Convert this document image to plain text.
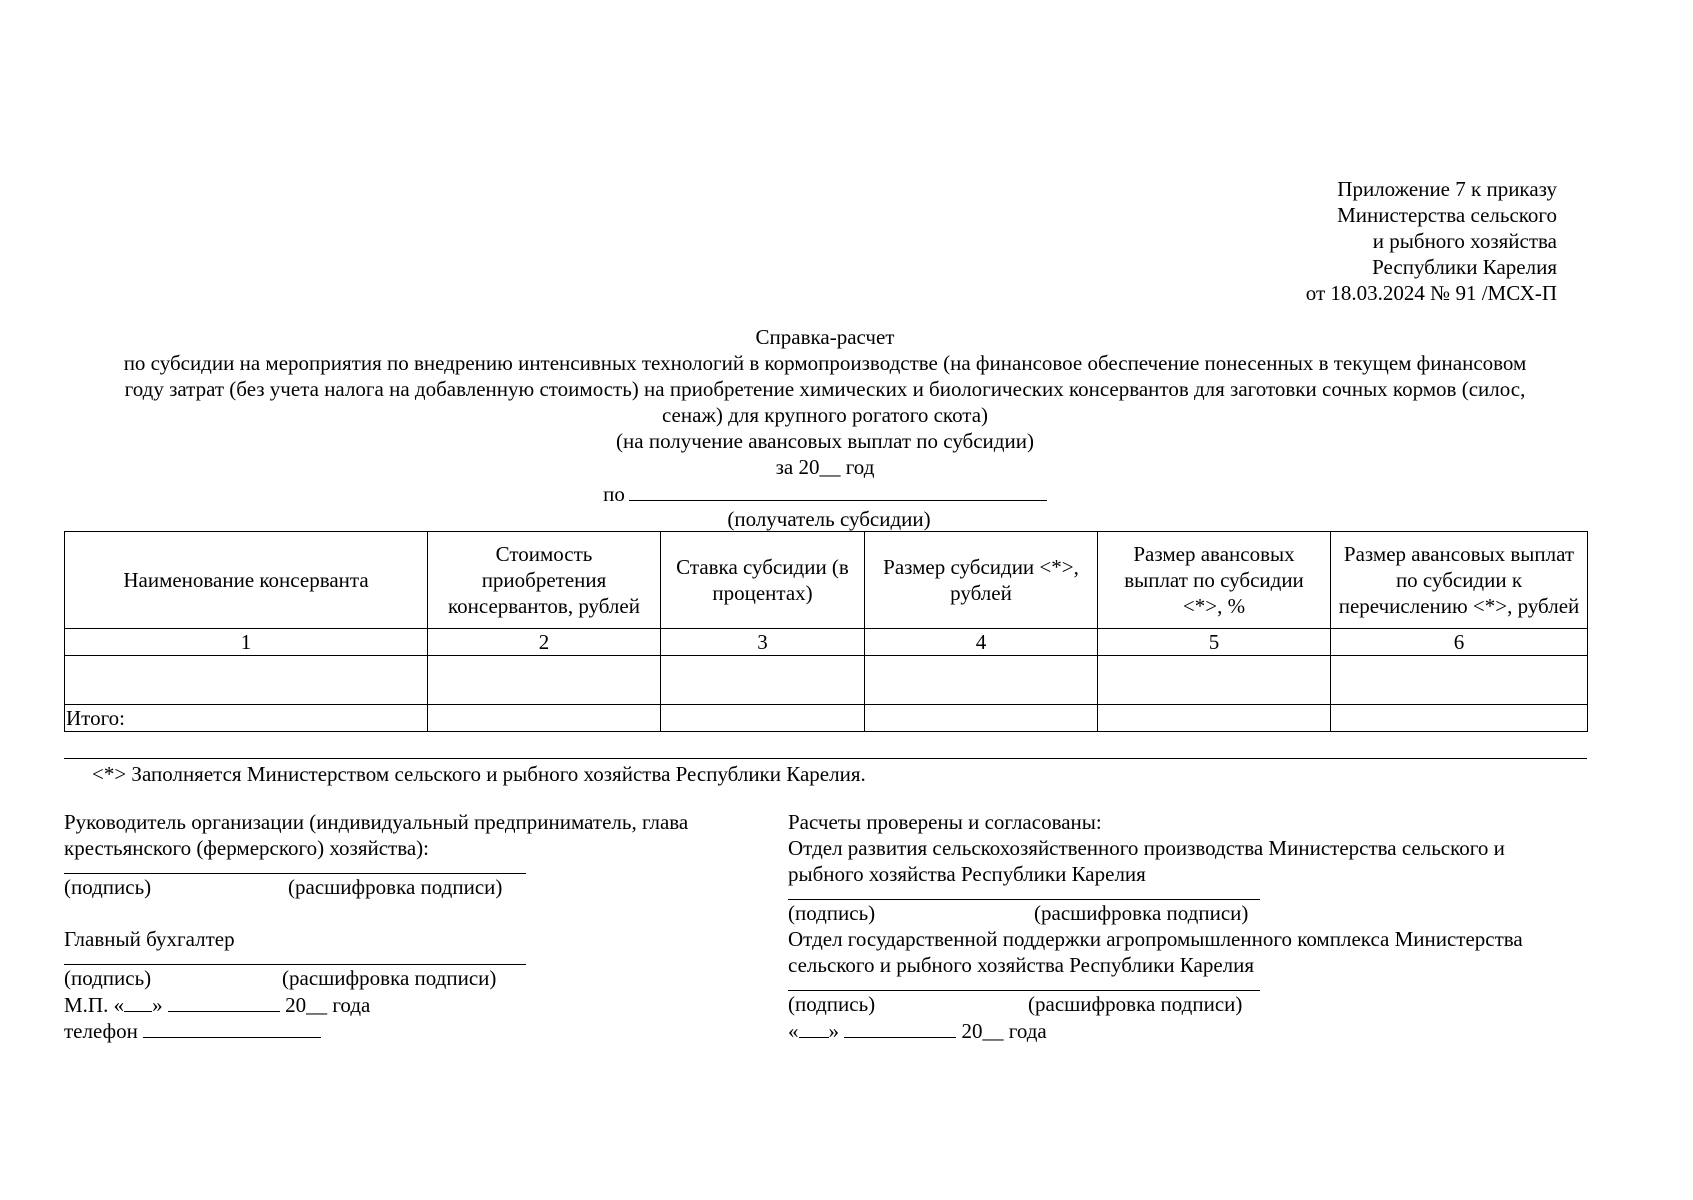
Приложение 7 к приказу
Министерства сельского
и рыбного хозяйства
Республики Карелия
от 18.03.2024 № 91 /МСХ-П
Справка-расчет
по субсидии на мероприятия по внедрению интенсивных технологий в кормопроизводстве (на финансовое обеспечение понесенных в текущем финансовом
году затрат (без учета налога на добавленную стоимость) на приобретение химических и биологических консервантов для заготовки сочных кормов (силос,
сенаж) для крупного рогатого скота)
(на получение авансовых выплат по субсидии)
за 20__ год
по
(получатель субсидии)
Наименование консерванта	Стоимость приобретения консервантов, рублей	Ставка субсидии (в процентах)	Размер субсидии <*>, рублей	Размер авансовых выплат по субсидии <*>, %	Размер авансовых выплат по субсидии к перечислению <*>, рублей
1	2	3	4	5	6

Итого:					
<*> Заполняется Министерством сельского и рыбного хозяйства Республики Карелия.
Руководитель организации (индивидуальный предприниматель, глава
крестьянского (фермерского) хозяйства):
(подпись)	(расшифровка подписи)
Главный бухгалтер
(подпись)	(расшифровка подписи)
М.П. « »	20__ года
телефон
Расчеты проверены и согласованы:
Отдел развития сельскохозяйственного производства Министерства сельского и
рыбного хозяйства Республики Карелия
(подпись)	(расшифровка подписи)
Отдел государственной поддержки агропромышленного комплекса Министерства
сельского и рыбного хозяйства Республики Карелия
(подпись)	(расшифровка подписи)
« »	20__ года
